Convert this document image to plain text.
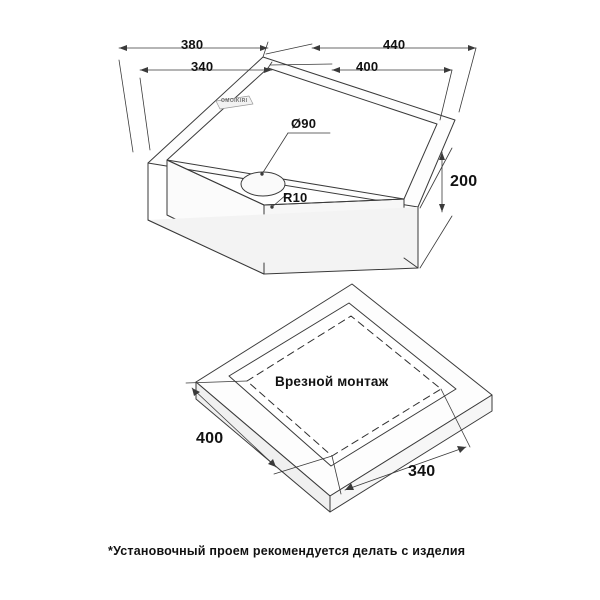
OMOIKIRI
380
340
440
400
Ø90
R10
200
Врезной монтаж
400
340
*Установочный проем рекомендуется делать с изделия
